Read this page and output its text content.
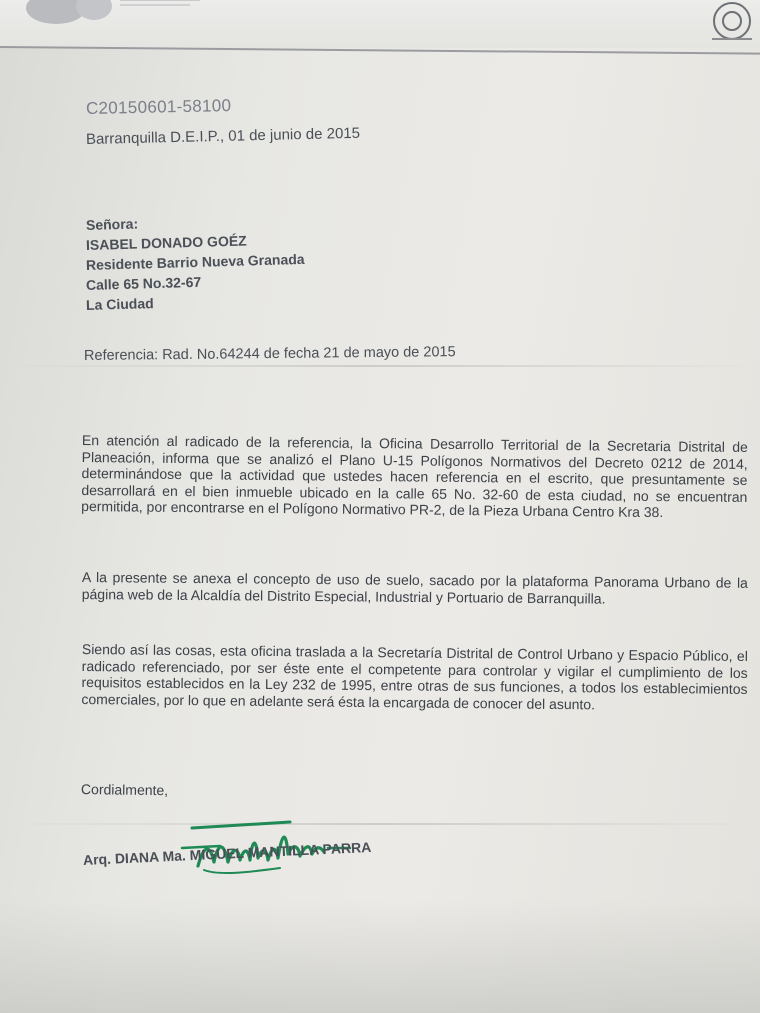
C20150601-58100

Barranquilla D.E.I.P., 01 de junio de 2015

Señora:

ISABEL DONADO GOÉZ

Residente Barrio Nueva Granada

Calle 65 No.32-67

La Ciudad

Referencia: Rad. No.64244 de fecha 21 de mayo de 2015

En atención al radicado de la referencia, la Oficina Desarrollo Territorial de la Secretaria Distrital de Planeación, informa que se analizó el Plano U-15 Polígonos Normativos del Decreto 0212 de 2014, determinándose que la actividad que ustedes hacen referencia en el escrito, que presuntamente se desarrollará en el bien inmueble ubicado en la calle 65 No. 32-60 de esta ciudad, no se encuentran permitida, por encontrarse en el Polígono Normativo PR-2, de la Pieza Urbana Centro Kra 38.

A la presente se anexa el concepto de uso de suelo, sacado por la plataforma Panorama Urbano de la página web de la Alcaldía del Distrito Especial, Industrial y Portuario de Barranquilla.

Siendo así las cosas, esta oficina traslada a la Secretaría Distrital de Control Urbano y Espacio Público, el radicado referenciado, por ser éste ente el competente para controlar y vigilar el cumplimiento de los requisitos establecidos en la Ley 232 de 1995, entre otras de sus funciones, a todos los establecimientos comerciales, por lo que en adelante será ésta la encargada de conocer del asunto.

Cordialmente,

Arq. DIANA Ma. MIGUEL MANTILLA PARRA
